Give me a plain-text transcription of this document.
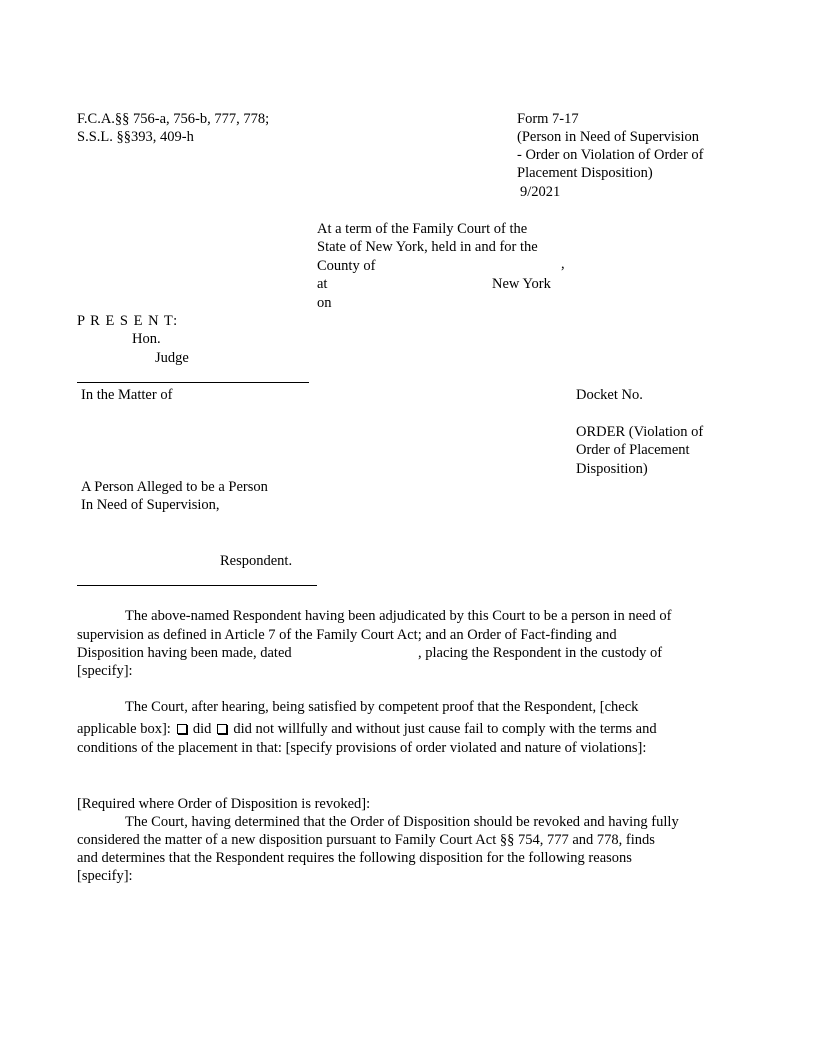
F.C.A.§§ 756-a, 756-b, 777, 778;
S.S.L. §§393, 409-h
Form 7-17
(Person in Need of Supervision
- Order on Violation of Order of
Placement Disposition)
9/2021
At a term of the Family Court of the
State of New York, held in and for the
County of	,
at	New York
on
P R E S E N T:
Hon.
Judge
In the Matter of	Docket No.
ORDER (Violation of
Order of Placement
Disposition)
A Person Alleged to be a Person
In Need of Supervision,
Respondent.
The above-named Respondent having been adjudicated by this Court to be a person in need of
supervision as defined in Article 7 of the Family Court Act; and an Order of Fact-finding and
Disposition having been made, dated	, placing the Respondent in the custody of
[specify]:
The Court, after hearing, being satisfied by competent proof that the Respondent, [check
applicable box]: did did not willfully and without just cause fail to comply with the terms and
conditions of the placement in that: [specify provisions of order violated and nature of violations]:
[Required where Order of Disposition is revoked]:
The Court, having determined that the Order of Disposition should be revoked and having fully
considered the matter of a new disposition pursuant to Family Court Act §§ 754, 777 and 778, finds
and determines that the Respondent requires the following disposition for the following reasons
[specify]:
